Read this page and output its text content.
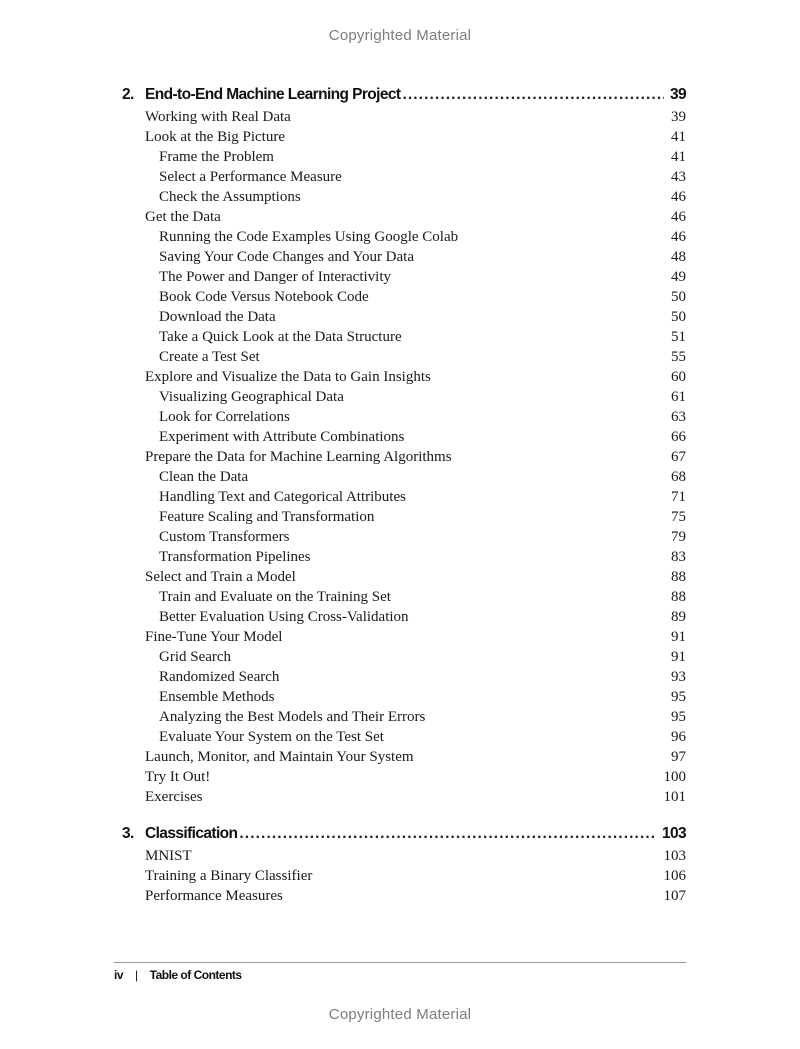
Copyrighted Material
2. End-to-End Machine Learning Project . . .	39
Working with Real Data	39
Look at the Big Picture	41
Frame the Problem	41
Select a Performance Measure	43
Check the Assumptions	46
Get the Data	46
Running the Code Examples Using Google Colab	46
Saving Your Code Changes and Your Data	48
The Power and Danger of Interactivity	49
Book Code Versus Notebook Code	50
Download the Data	50
Take a Quick Look at the Data Structure	51
Create a Test Set	55
Explore and Visualize the Data to Gain Insights	60
Visualizing Geographical Data	61
Look for Correlations	63
Experiment with Attribute Combinations	66
Prepare the Data for Machine Learning Algorithms	67
Clean the Data	68
Handling Text and Categorical Attributes	71
Feature Scaling and Transformation	75
Custom Transformers	79
Transformation Pipelines	83
Select and Train a Model	88
Train and Evaluate on the Training Set	88
Better Evaluation Using Cross-Validation	89
Fine-Tune Your Model	91
Grid Search	91
Randomized Search	93
Ensemble Methods	95
Analyzing the Best Models and Their Errors	95
Evaluate Your System on the Test Set	96
Launch, Monitor, and Maintain Your System	97
Try It Out!	100
Exercises	101
3. Classification . . .	103
MNIST	103
Training a Binary Classifier	106
Performance Measures	107
iv | Table of Contents
Copyrighted Material
